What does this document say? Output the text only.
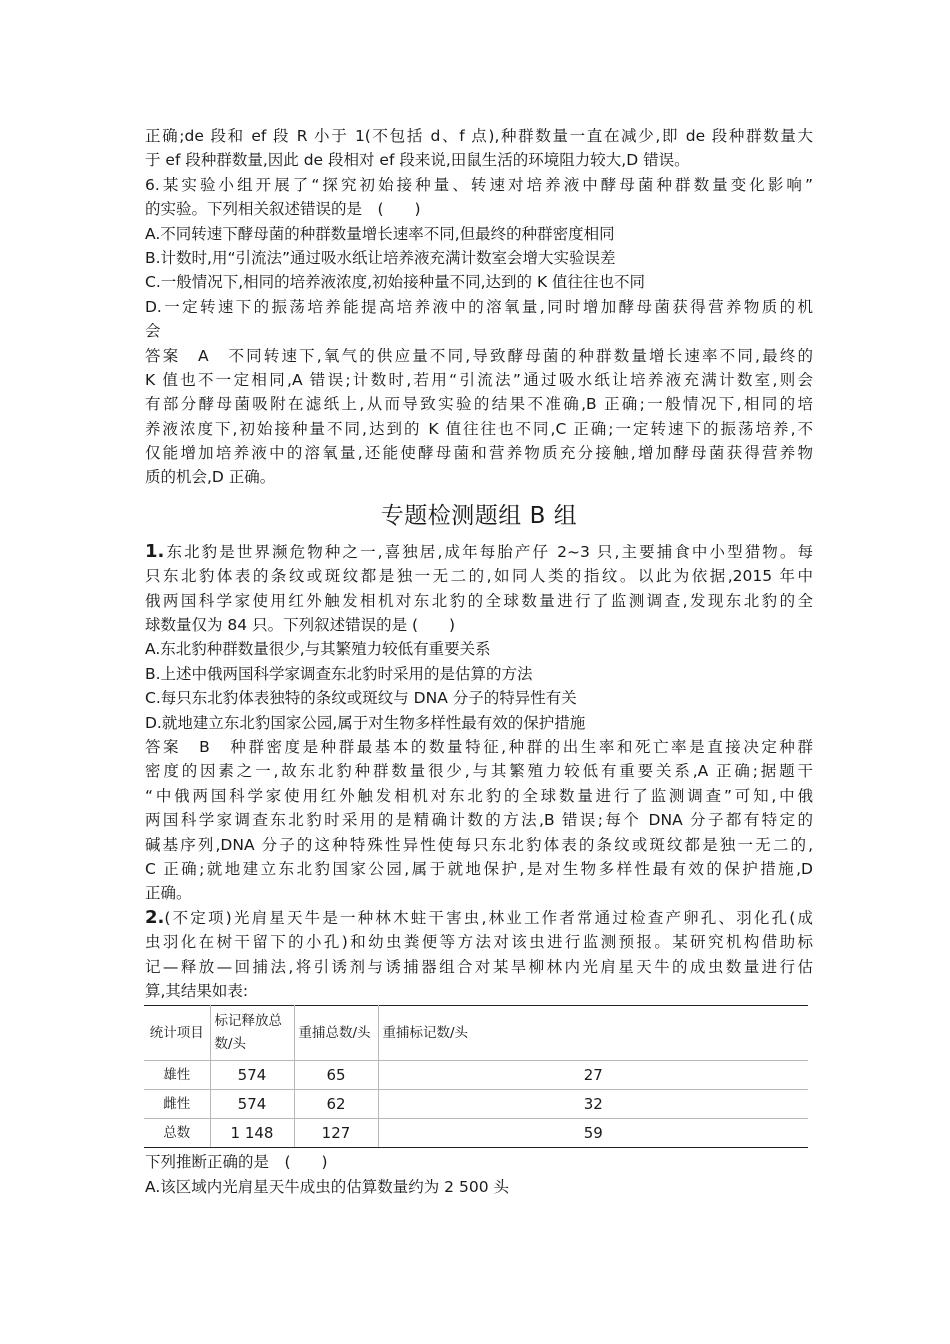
正确;de 段和 ef 段 R 小于 1(不包括 d、f 点),种群数量一直在减少,即 de 段种群数量大
于 ef 段种群数量,因此 de 段相对 ef 段来说,田鼠生活的环境阻力较大,D 错误。
6.某实验小组开展了“探究初始接种量、转速对培养液中酵母菌种群数量变化影响”
的实验。下列相关叙述错误的是　(　　)
A.不同转速下酵母菌的种群数量增长速率不同,但最终的种群密度相同
B.计数时,用“引流法”通过吸水纸让培养液充满计数室会增大实验误差
C.一般情况下,相同的培养液浓度,初始接种量不同,达到的 K 值往往也不同
D.一定转速下的振荡培养能提高培养液中的溶氧量,同时增加酵母菌获得营养物质的机
会
答案　A　不同转速下,氧气的供应量不同,导致酵母菌的种群数量增长速率不同,最终的
K 值也不一定相同,A 错误;计数时,若用“引流法”通过吸水纸让培养液充满计数室,则会
有部分酵母菌吸附在滤纸上,从而导致实验的结果不准确,B 正确;一般情况下,相同的培
养液浓度下,初始接种量不同,达到的 K 值往往也不同,C 正确;一定转速下的振荡培养,不
仅能增加培养液中的溶氧量,还能使酵母菌和营养物质充分接触,增加酵母菌获得营养物
质的机会,D 正确。
专题检测题组 B 组
1.东北豹是世界濒危物种之一,喜独居,成年每胎产仔 2~3 只,主要捕食中小型猎物。每
只东北豹体表的条纹或斑纹都是独一无二的,如同人类的指纹。以此为依据,2015 年中
俄两国科学家使用红外触发相机对东北豹的全球数量进行了监测调查,发现东北豹的全
球数量仅为 84 只。下列叙述错误的是 (　　)
A.东北豹种群数量很少,与其繁殖力较低有重要关系
B.上述中俄两国科学家调查东北豹时采用的是估算的方法
C.每只东北豹体表独特的条纹或斑纹与 DNA 分子的特异性有关
D.就地建立东北豹国家公园,属于对生物多样性最有效的保护措施
答案　B　种群密度是种群最基本的数量特征,种群的出生率和死亡率是直接决定种群
密度的因素之一,故东北豹种群数量很少,与其繁殖力较低有重要关系,A 正确;据题干
“中俄两国科学家使用红外触发相机对东北豹的全球数量进行了监测调查”可知,中俄
两国科学家调查东北豹时采用的是精确计数的方法,B 错误;每个 DNA 分子都有特定的
碱基序列,DNA 分子的这种特殊性异性使每只东北豹体表的条纹或斑纹都是独一无二的,
C 正确;就地建立东北豹国家公园,属于就地保护,是对生物多样性最有效的保护措施,D
正确。
2.(不定项)光肩星天牛是一种林木蛀干害虫,林业工作者常通过检查产卵孔、羽化孔(成
虫羽化在树干留下的小孔)和幼虫粪便等方法对该虫进行监测预报。某研究机构借助标
记—释放—回捕法,将引诱剂与诱捕器组合对某旱柳林内光肩星天牛的成虫数量进行估
算,其结果如表:
统计项目	标记释放总数/头	重捕总数/头	重捕标记数/头
雄性	574	65	27
雌性	574	62	32
总数	1 148	127	59
下列推断正确的是　(　　)
A.该区域内光肩星天牛成虫的估算数量约为 2 500 头
